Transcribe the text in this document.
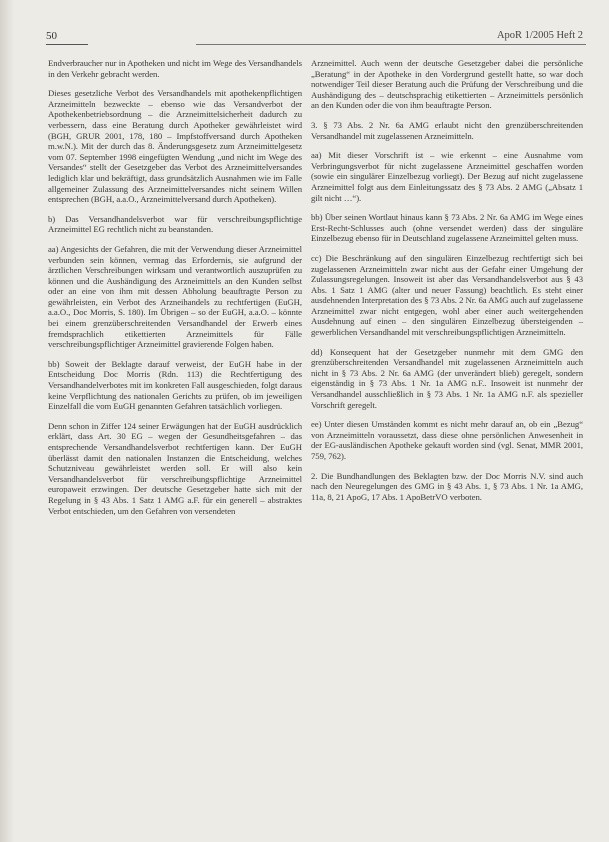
50	ApoR 1/2005 Heft 2

Endverbraucher nur in Apotheken und nicht im Wege des Versandhandels in den Verkehr gebracht werden.

Dieses gesetzliche Verbot des Versandhandels mit apothekenpflichtigen Arzneimitteln bezweckte – ebenso wie das Versandverbot der Apothekenbetriebsordnung – die Arzneimittelsicherheit dadurch zu verbessern, dass eine Beratung durch Apotheker gewährleistet wird (BGH, GRUR 2001, 178, 180 – Impfstoffversand durch Apotheken m.w.N.). Mit der durch das 8. Änderungsgesetz zum Arzneimittelgesetz vom 07. September 1998 eingefügten Wendung „und nicht im Wege des Versandes“ stellt der Gesetzgeber das Verbot des Arzneimittelversandes lediglich klar und bekräftigt, dass grundsätzlich Ausnahmen wie im Falle allgemeiner Zulassung des Arzneimittelversandes nicht seinem Willen entsprechen (BGH, a.a.O., Arzneimittelversand durch Apotheken).

b) Das Versandhandelsverbot war für verschreibungspflichtige Arzneimittel EG rechtlich nicht zu beanstanden.

aa) Angesichts der Gefahren, die mit der Verwendung dieser Arzneimittel verbunden sein können, vermag das Erfordernis, sie aufgrund der ärztlichen Verschreibungen wirksam und verantwortlich auszuprüfen zu können und die Aushändigung des Arzneimittels an den Kunden selbst oder an eine von ihm mit dessen Abholung beauftragte Person zu gewährleisten, ein Verbot des Arzneihandels zu rechtfertigen (EuGH, a.a.O., Doc Morris, S. 180). Im Übrigen – so der EuGH, a.a.O. – könnte bei einem grenzüberschreitenden Versandhandel der Erwerb eines fremdsprachlich etikettierten Arzneimittels für Fälle verschreibungspflichtiger Arzneimittel gravierende Folgen haben.

bb) Soweit der Beklagte darauf verweist, der EuGH habe in der Entscheidung Doc Morris (Rdn. 113) die Rechtfertigung des Versandhandelverbotes mit im konkreten Fall ausgeschieden, folgt daraus keine Verpflichtung des nationalen Gerichts zu prüfen, ob im jeweiligen Einzelfall die vom EuGH genannten Gefahren tatsächlich vorliegen.

Denn schon in Ziffer 124 seiner Erwägungen hat der EuGH ausdrücklich erklärt, dass Art. 30 EG – wegen der Gesundheitsgefahren – das entsprechende Versandhandelsverbot rechtfertigen kann. Der EuGH überlässt damit den nationalen Instanzen die Entscheidung, welches Schutzniveau gewährleistet werden soll. Er will also kein Versandhandelsverbot für verschreibungspflichtige Arzneimittel europaweit erzwingen. Der deutsche Gesetzgeber hatte sich mit der Regelung in § 43 Abs. 1 Satz 1 AMG a.F. für ein generell – abstraktes Verbot entschieden, um den Gefahren von versendeten

Arzneimittel. Auch wenn der deutsche Gesetzgeber dabei die persönliche „Beratung“ in der Apotheke in den Vordergrund gestellt hatte, so war doch notwendiger Teil dieser Beratung auch die Prüfung der Verschreibung und die Aushändigung des – deutschsprachig etikettierten – Arzneimittels persönlich an den Kunden oder die von ihm beauftragte Person.

3. § 73 Abs. 2 Nr. 6a AMG erlaubt nicht den grenzüberschreitenden Versandhandel mit zugelassenen Arzneimitteln.

aa) Mit dieser Vorschrift ist – wie erkennt – eine Ausnahme vom Verbringungsverbot für nicht zugelassene Arzneimittel geschaffen worden (sowie ein singulärer Einzelbezug vorliegt). Der Bezug auf nicht zugelassene Arzneimittel folgt aus dem Einleitungssatz des § 73 Abs. 2 AMG („Absatz 1 gilt nicht …“).

bb) Über seinen Wortlaut hinaus kann § 73 Abs. 2 Nr. 6a AMG im Wege eines Erst-Recht-Schlusses auch (ohne versendet werden) dass der singuläre Einzelbezug ebenso für in Deutschland zugelassene Arzneimittel gelten muss.

cc) Die Beschränkung auf den singulären Einzelbezug rechtfertigt sich bei zugelassenen Arzneimitteln zwar nicht aus der Gefahr einer Umgehung der Zulassungsregelungen. Insoweit ist aber das Versandhandelsverbot aus § 43 Abs. 1 Satz 1 AMG (alter und neuer Fassung) beachtlich. Es steht einer ausdehnenden Interpretation des § 73 Abs. 2 Nr. 6a AMG auch auf zugelassene Arzneimittel zwar nicht entgegen, wohl aber einer auch weitergehenden Ausdehnung auf einen – den singulären Einzelbezug übersteigenden – gewerblichen Versandhandel mit verschreibungspflichtigen Arzneimitteln.

dd) Konsequent hat der Gesetzgeber nunmehr mit dem GMG den grenzüberschreitenden Versandhandel mit zugelassenen Arzneimitteln auch nicht in § 73 Abs. 2 Nr. 6a AMG (der unverändert blieb) geregelt, sondern eigenständig in § 73 Abs. 1 Nr. 1a AMG n.F.. Insoweit ist nunmehr der Versandhandel ausschließlich in § 73 Abs. 1 Nr. 1a AMG n.F. als spezieller Vorschrift geregelt.

ee) Unter diesen Umständen kommt es nicht mehr darauf an, ob ein „Bezug“ von Arzneimitteln voraussetzt, dass diese ohne persönlichen Anwesenheit in der EG-ausländischen Apotheke gekauft worden sind (vgl. Senat, MMR 2001, 759, 762).

2. Die Bundhandlungen des Beklagten bzw. der Doc Morris N.V. sind auch nach den Neuregelungen des GMG in § 43 Abs. 1, § 73 Abs. 1 Nr. 1a AMG, 11a, 8, 21 ApoG, 17 Abs. 1 ApoBetrVO verboten.
